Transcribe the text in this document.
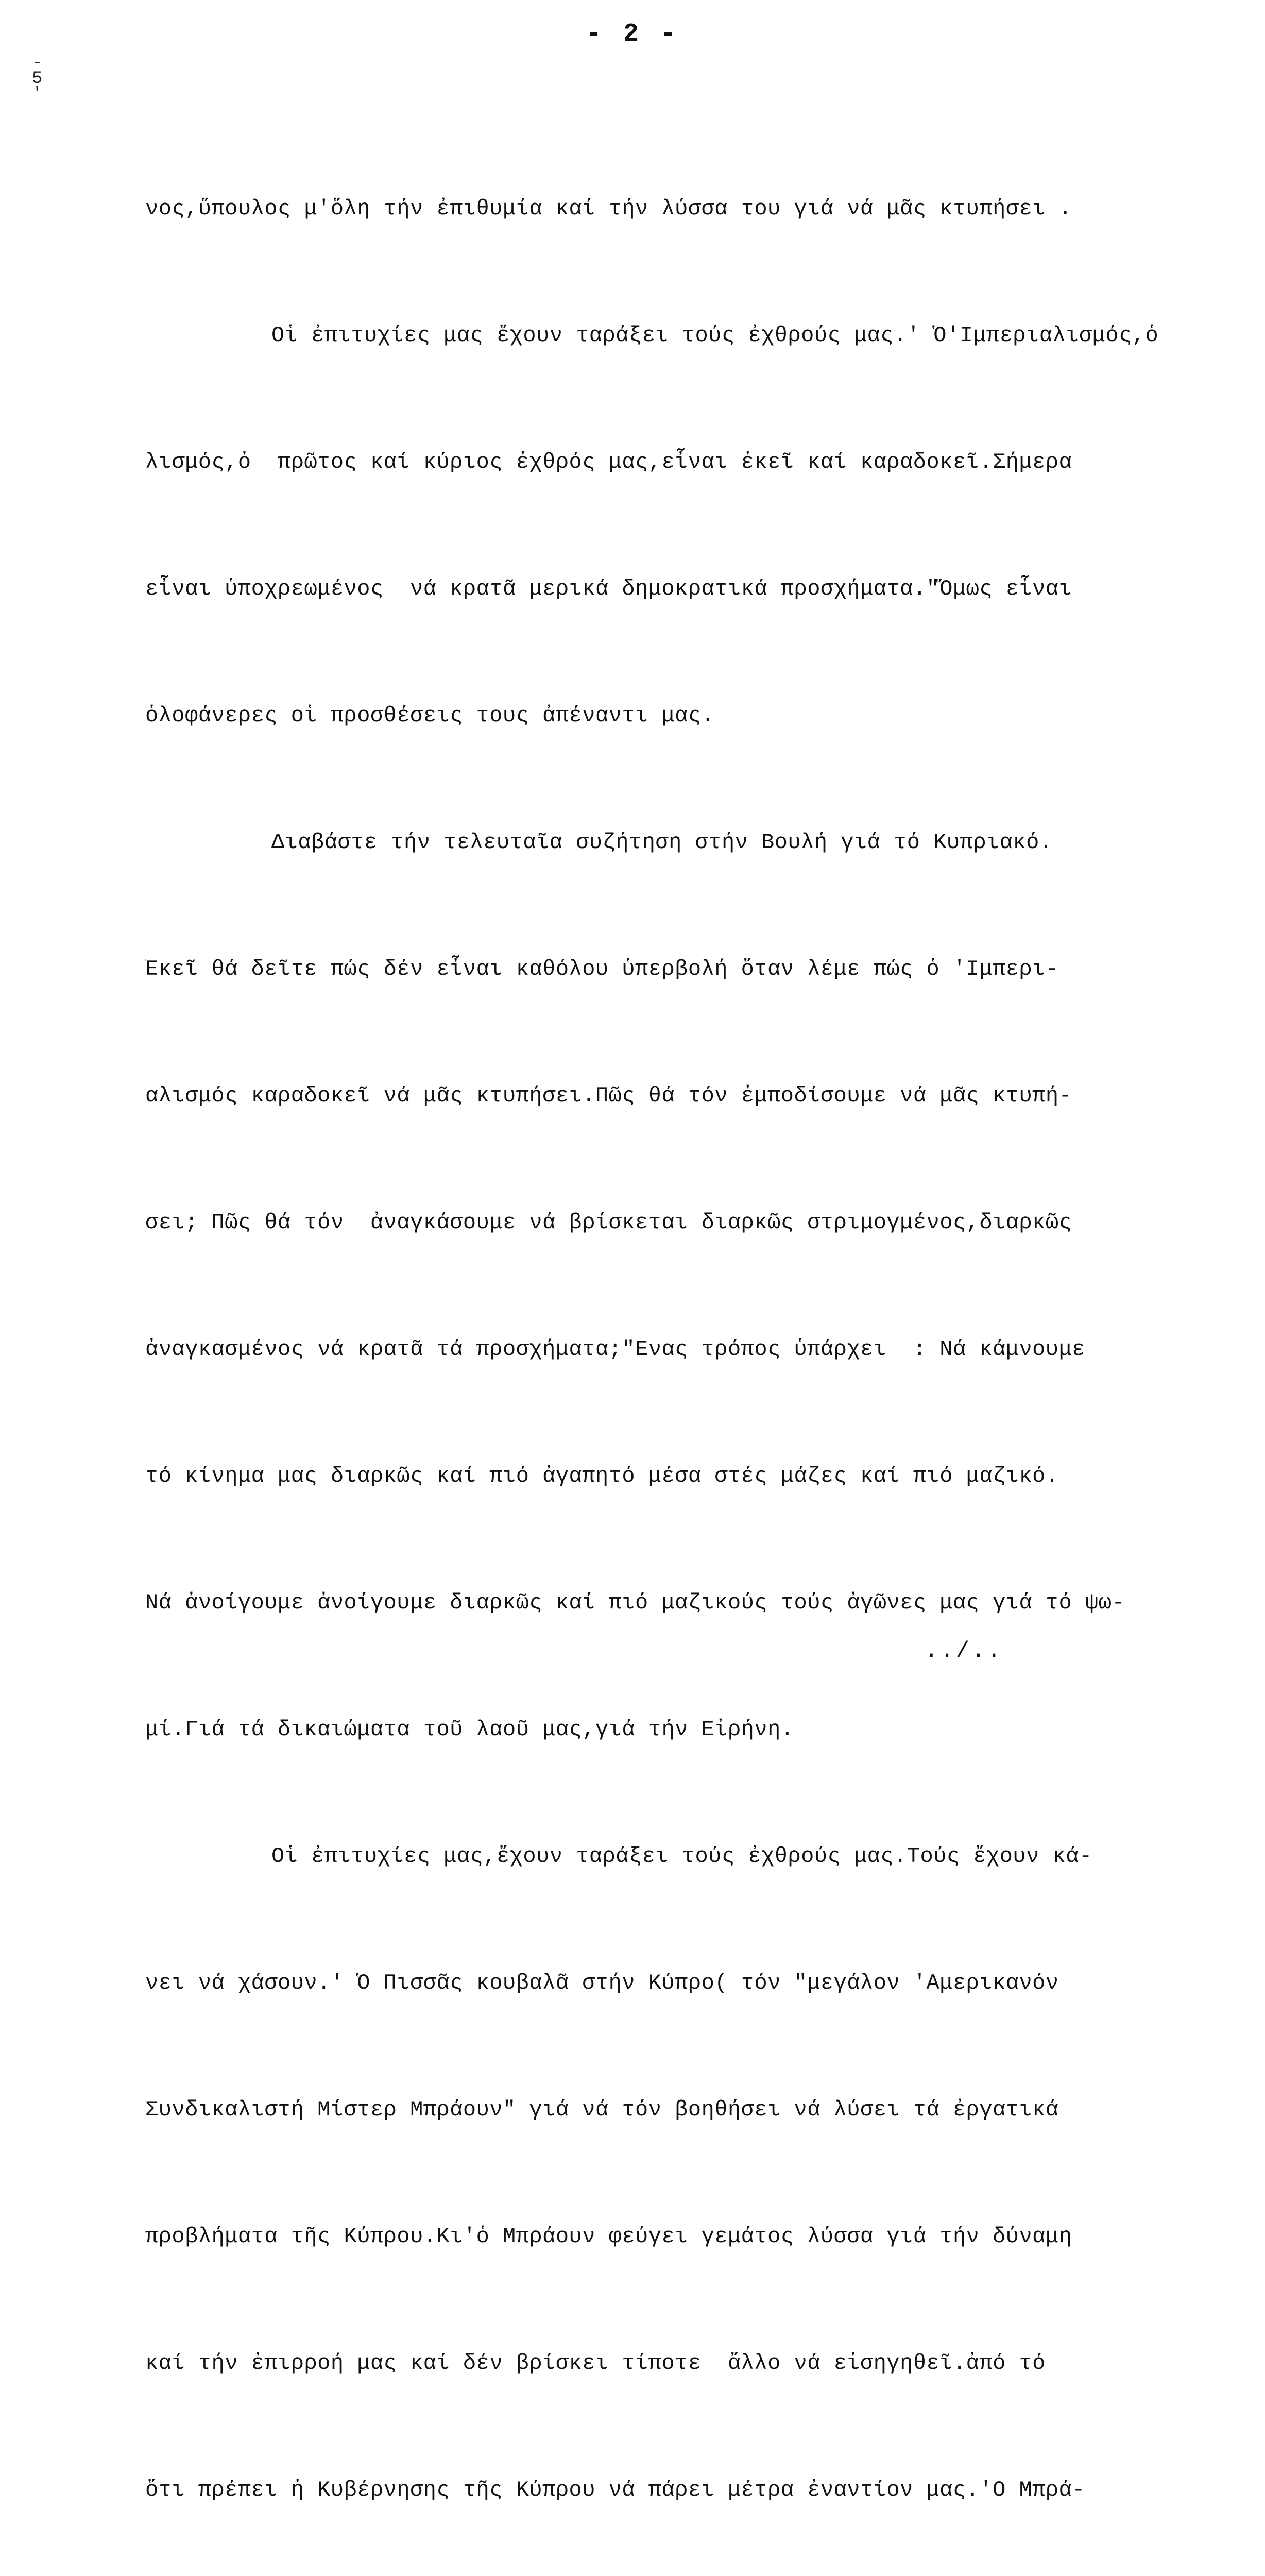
- 2 -
-
5
'

νος,ὕπουλος μ'ὅλη τήν ἐπιθυμία καί τήν λύσσα του γιά νά μᾶς κτυπήσει .

Οἱ ἐπιτυχίες μας ἔχουν ταράξει τούς ἐχθρούς μας.' Ὁ'Ιμπεριαλισμός,ὁ

λισμός,ὁ  πρῶτος καί κύριος ἐχθρός μας,εἶναι ἐκεῖ καί καραδοκεῖ.Σήμερα

εἶναι ὑποχρεωμένος  νά κρατᾶ μερικά δημοκρατικά προσχήματα."Ὅμως εἶναι

ὁλοφάνερες οἱ προσθέσεις τους ἀπέναντι μας.

Διαβάστε τήν τελευταῖα συζήτηση στήν Βουλή γιά τό Κυπριακό.

Ἐκεῖ θά δεῖτε πώς δέν εἶναι καθόλου ὑπερβολή ὅταν λέμε πώς ὁ 'Ιμπερι-

αλισμός καραδοκεῖ νά μᾶς κτυπήσει.Πῶς θά τόν ἐμποδίσουμε νά μᾶς κτυπή-

σει; Πῶς θά τόν  ἀναγκάσουμε νά βρίσκεται διαρκῶς στριμογμένος,διαρκῶς

ἀναγκασμένος νά κρατᾶ τά προσχήματα;"Ενας τρόπος ὑπάρχει  : Νά κάμνουμε

τό κίνημα μας διαρκῶς καί πιό ἀγαπητό μέσα στές μάζες καί πιό μαζικό.

Νά ἀνοίγουμε ἀνοίγουμε διαρκῶς καί πιό μαζικούς τούς ἀγῶνες μας γιά τό ψω-

μί.Γιά τά δικαιώματα τοῦ λαοῦ μας,γιά τήν Εἰρήνη.

Οἱ ἐπιτυχίες μας,ἔχουν ταράξει τούς ἐχθρούς μας.Τούς ἔχουν κά-

νει νά χάσουν.' Ὁ Πισσᾶς κουβαλᾶ στήν Κύπρο( τόν "μεγάλον 'Αμερικανόν

Συνδικαλιστή Μίστερ Μπράουν" γιά νά τόν βοηθήσει νά λύσει τά ἐργατικά

προβλήματα τῆς Κύπρου.Κι'ὁ Μπράουν φεύγει γεμάτος λύσσα γιά τήν δύναμη

καί τήν ἐπιρροή μας καί δέν βρίσκει τίποτε  ἄλλο νά εἰσηγηθεῖ.ἀπό τό

ὅτι πρέπει ἡ Κυβέρνησης τῆς Κύπρου νά πάρει μέτρα ἐναντίον μας.'Ο Μπρά-

../..
